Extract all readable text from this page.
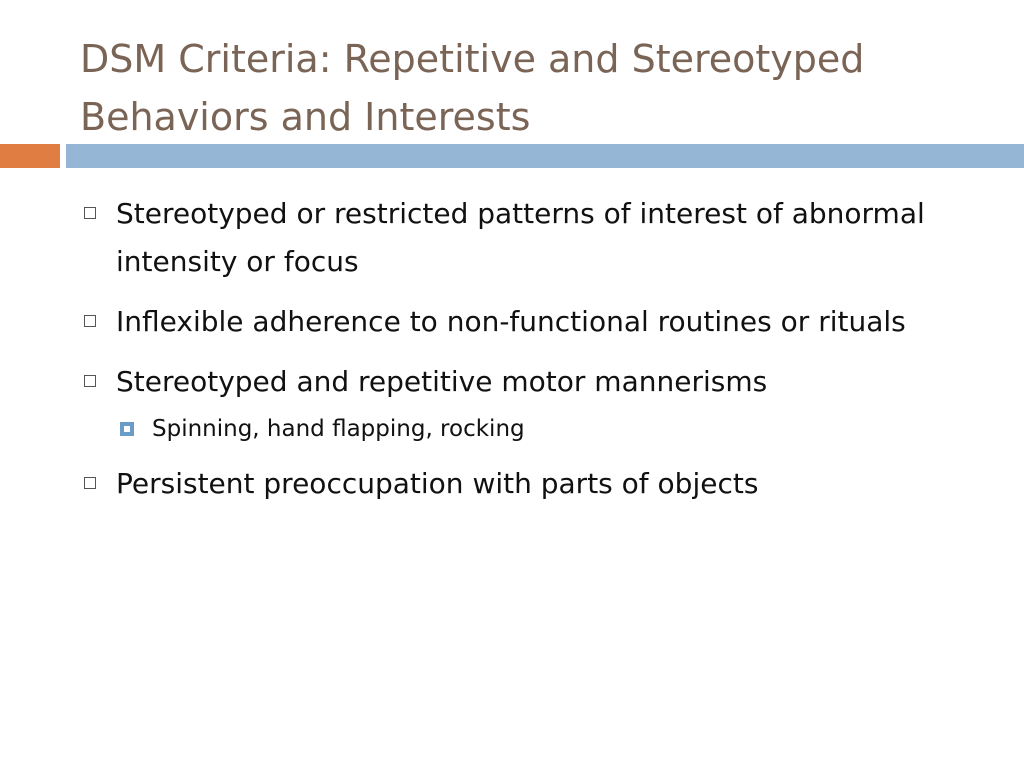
DSM Criteria: Repetitive and Stereotyped Behaviors and Interests
Stereotyped or restricted patterns of interest of abnormal intensity or focus
Inflexible adherence to non-functional routines or rituals
Stereotyped and repetitive motor mannerisms
Spinning, hand flapping, rocking
Persistent preoccupation with parts of objects
